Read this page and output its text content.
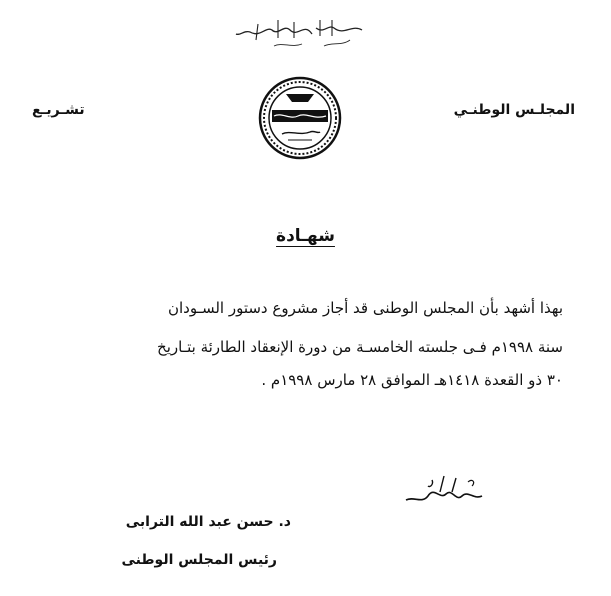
المجلـس الوطنـي
تشـريـع
شهـادة
بهذا أشهد بأن المجلس الوطنى قد أجاز مشروع دستور السـودان
سنة ١٩٩٨م فـى جلسته الخامسـة من دورة الإنعقاد الطارئة بتـاريخ
٣٠ ذو القعدة ١٤١٨هـ الموافق ٢٨ مارس ١٩٩٨م .
د. حسن عبد الله الترابى
رئيس المجلس الوطنى
